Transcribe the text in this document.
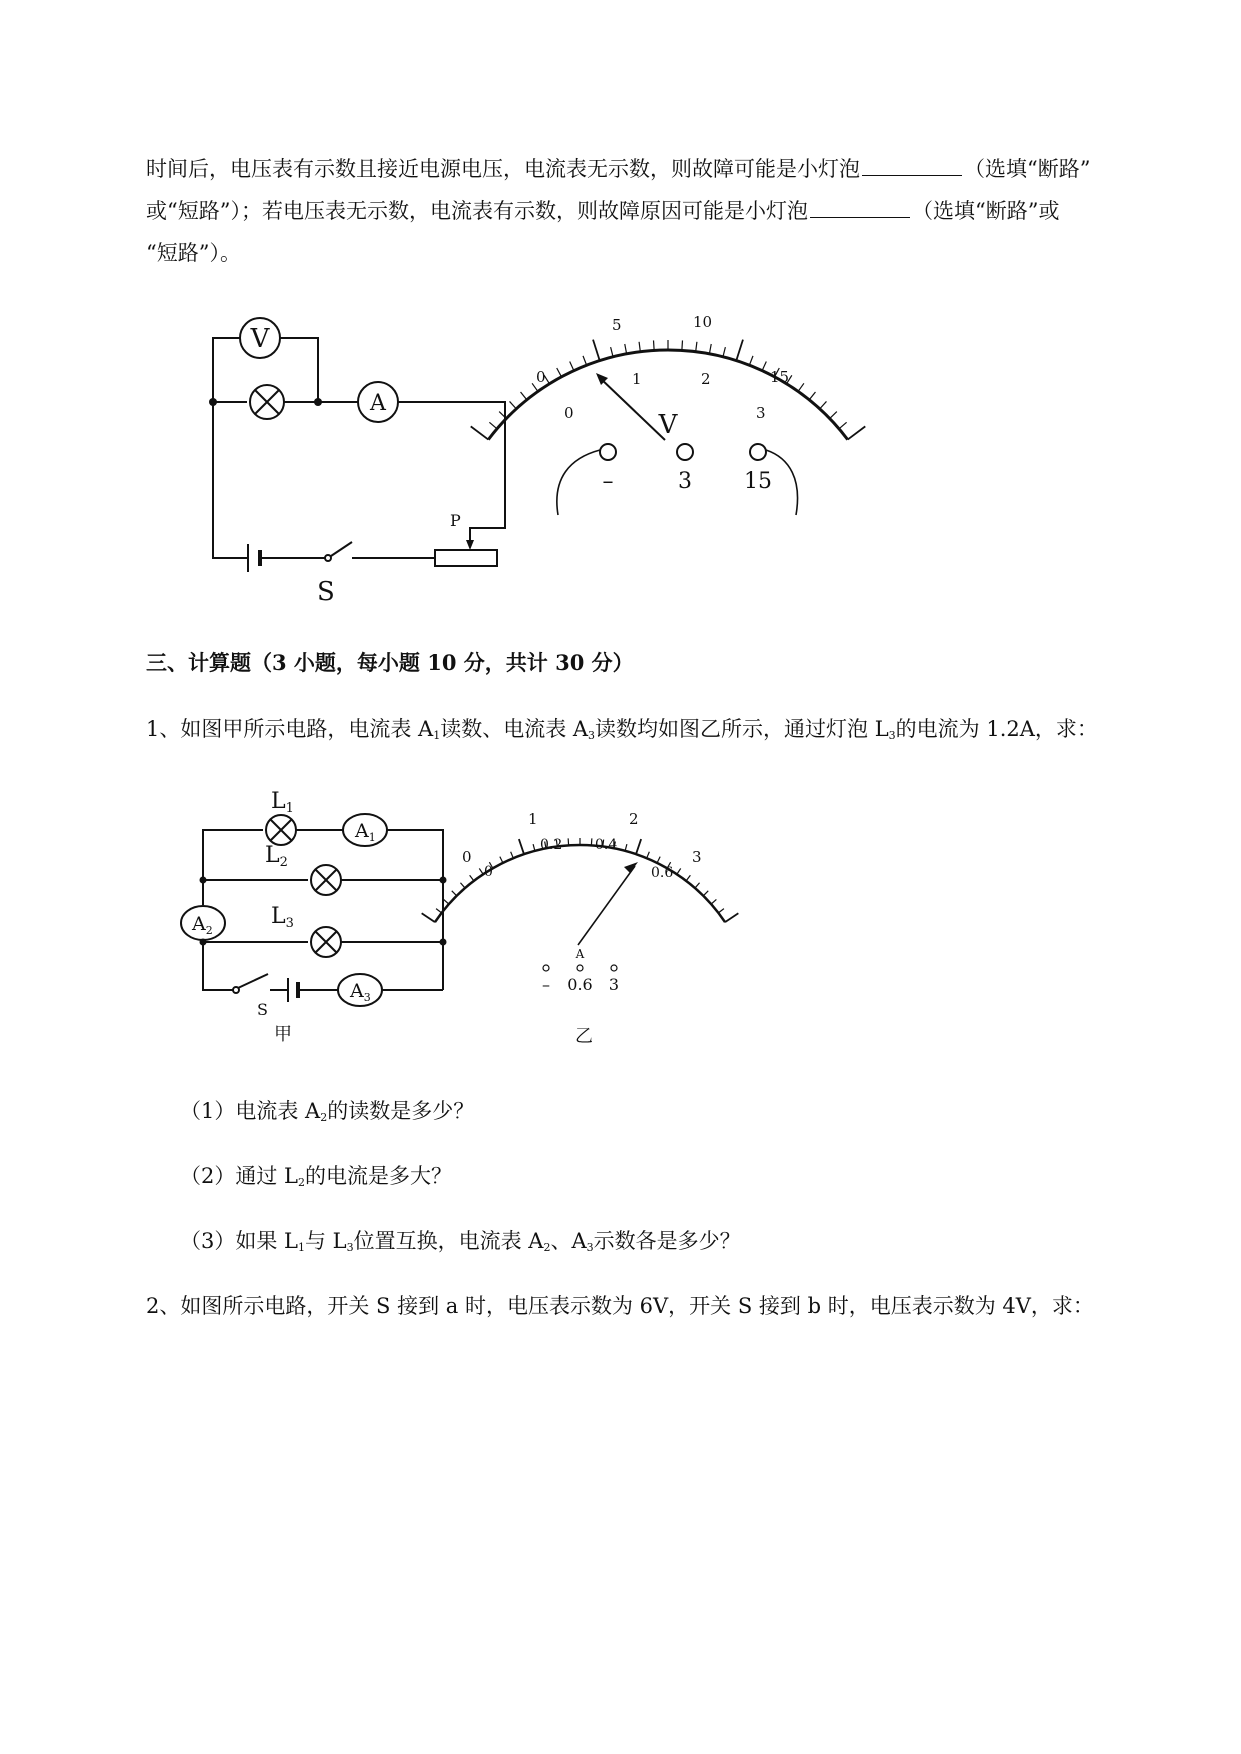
时间后，电压表有示数且接近电源电压，电流表无示数，则故障可能是小灯泡	（选填“断路”
或“短路”）；若电压表无示数，电流表有示数，则故障原因可能是小灯泡	（选填“断路”或
“短路”）。
V
A
P
S
0
5	10
15
0
1	2
3
V
–	3 15
三、计算题（3 小题，每小题 10 分，共计 30 分）
1、如图甲所示电路，电流表 $A_1$读数、电流表 $A_3$读数均如图乙所示，通过灯泡 $L_3$的电流为 1.2A，求：
L1
L2
L3
$A_1$
$A_2$
$A_3$
S
甲
0
1	2
3
0
0.2 0.4
0.6
A
– 0.6 3
乙
（1）电流表 $A_2$的读数是多少？
（2）通过 $L_2$的电流是多大？
（3）如果 $L_1$与 $L_3$位置互换，电流表 $A_2$、$A_3$示数各是多少？
2、如图所示电路，开关 S 接到 a 时，电压表示数为 6V，开关 S 接到 b 时，电压表示数为 4V，求：
